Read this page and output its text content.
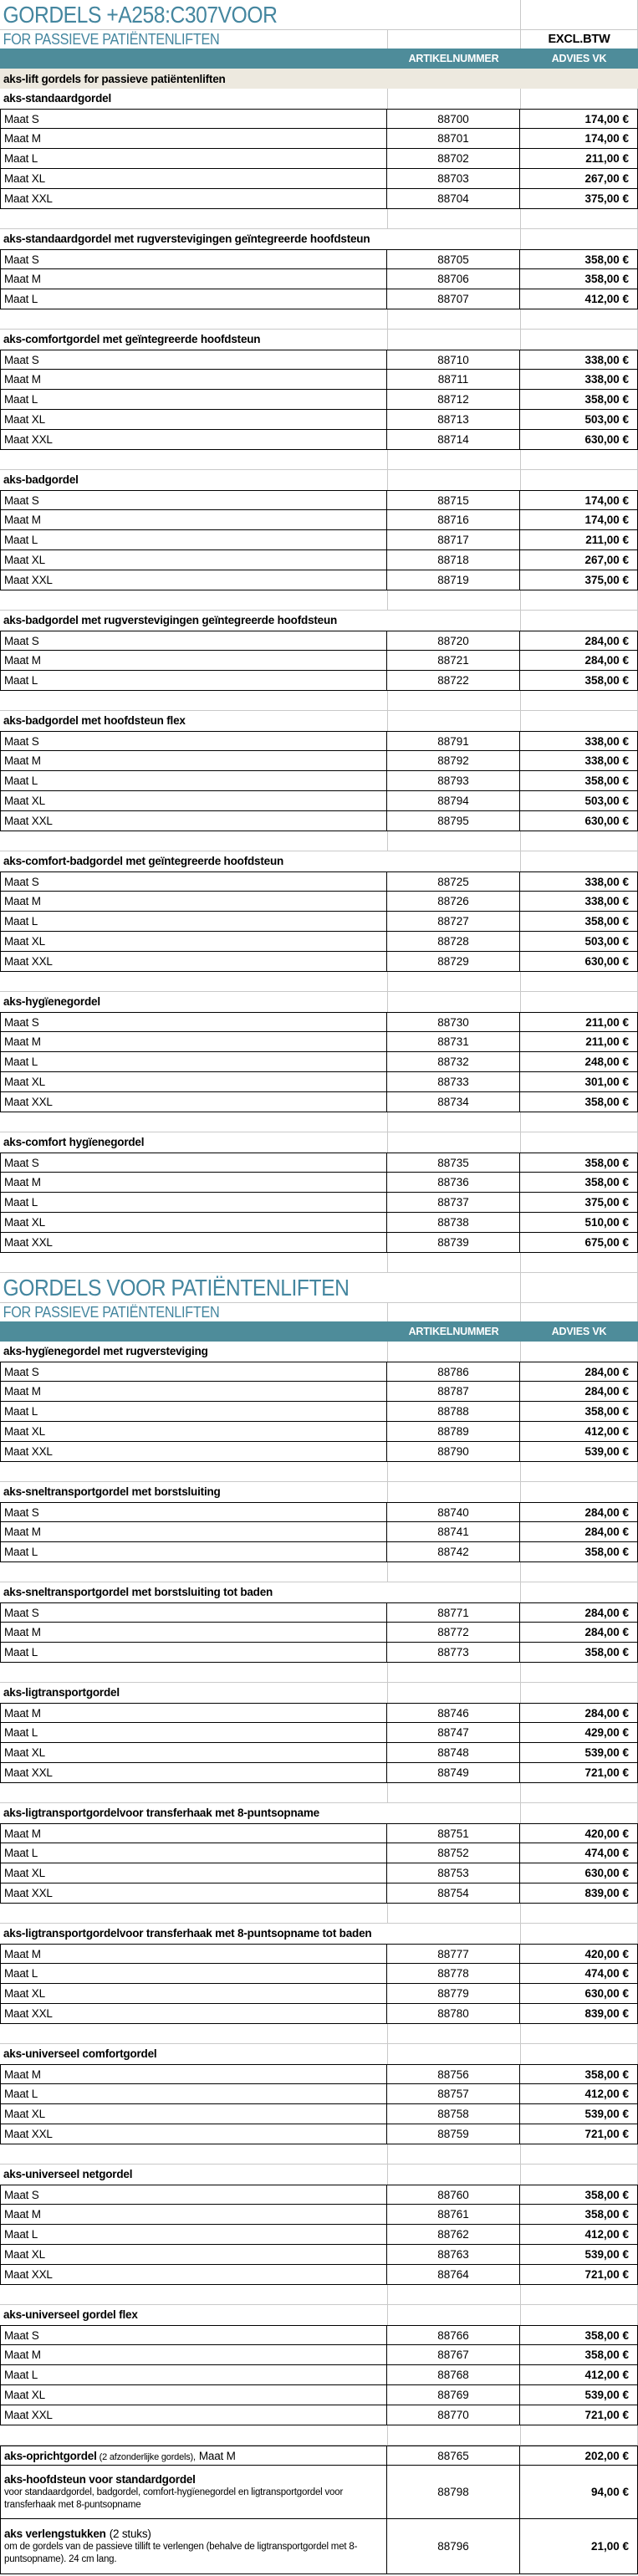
GORDELS +A258:C307VOOR		
FOR PASSIEVE PATIËNTENLIFTEN		EXCL.BTW
	ARTIKELNUMMER	ADVIES VK
aks-lift gordels for passieve patiëntenliften		
aks-standaardgordel		
Maat S	88700	174,00 €
Maat M	88701	174,00 €
Maat L	88702	211,00 €
Maat XL	88703	267,00 €
Maat XXL	88704	375,00 €

aks-standaardgordel met rugverstevigingen geïntegreerde hoofdsteun		
Maat S	88705	358,00 €
Maat M	88706	358,00 €
Maat L	88707	412,00 €

aks-comfortgordel met geïntegreerde hoofdsteun		
Maat S	88710	338,00 €
Maat M	88711	338,00 €
Maat L	88712	358,00 €
Maat XL	88713	503,00 €
Maat XXL	88714	630,00 €

aks-badgordel		
Maat S	88715	174,00 €
Maat M	88716	174,00 €
Maat L	88717	211,00 €
Maat XL	88718	267,00 €
Maat XXL	88719	375,00 €

aks-badgordel met rugverstevigingen geïntegreerde hoofdsteun		
Maat S	88720	284,00 €
Maat M	88721	284,00 €
Maat L	88722	358,00 €

aks-badgordel met hoofdsteun flex		
Maat S	88791	338,00 €
Maat M	88792	338,00 €
Maat L	88793	358,00 €
Maat XL	88794	503,00 €
Maat XXL	88795	630,00 €

aks-comfort-badgordel met geïntegreerde hoofdsteun		
Maat S	88725	338,00 €
Maat M	88726	338,00 €
Maat L	88727	358,00 €
Maat XL	88728	503,00 €
Maat XXL	88729	630,00 €

aks-hygïenegordel		
Maat S	88730	211,00 €
Maat M	88731	211,00 €
Maat L	88732	248,00 €
Maat XL	88733	301,00 €
Maat XXL	88734	358,00 €

aks-comfort hygïenegordel		
Maat S	88735	358,00 €
Maat M	88736	358,00 €
Maat L	88737	375,00 €
Maat XL	88738	510,00 €
Maat XXL	88739	675,00 €

GORDELS VOOR PATIËNTENLIFTEN		
FOR PASSIEVE PATIËNTENLIFTEN		
	ARTIKELNUMMER	ADVIES VK
aks-hygïenegordel met rugversteviging		
Maat S	88786	284,00 €
Maat M	88787	284,00 €
Maat L	88788	358,00 €
Maat XL	88789	412,00 €
Maat XXL	88790	539,00 €

aks-sneltransportgordel met borstsluiting		
Maat S	88740	284,00 €
Maat M	88741	284,00 €
Maat L	88742	358,00 €

aks-sneltransportgordel met borstsluiting tot baden		
Maat S	88771	284,00 €
Maat M	88772	284,00 €
Maat L	88773	358,00 €

aks-ligtransportgordel		
Maat M	88746	284,00 €
Maat L	88747	429,00 €
Maat XL	88748	539,00 €
Maat XXL	88749	721,00 €

aks-ligtransportgordelvoor transferhaak met 8-puntsopname		
Maat M	88751	420,00 €
Maat L	88752	474,00 €
Maat XL	88753	630,00 €
Maat XXL	88754	839,00 €

aks-ligtransportgordelvoor transferhaak met 8-puntsopname tot baden		
Maat M	88777	420,00 €
Maat L	88778	474,00 €
Maat XL	88779	630,00 €
Maat XXL	88780	839,00 €

aks-universeel comfortgordel		
Maat M	88756	358,00 €
Maat L	88757	412,00 €
Maat XL	88758	539,00 €
Maat XXL	88759	721,00 €

aks-universeel netgordel		
Maat S	88760	358,00 €
Maat M	88761	358,00 €
Maat L	88762	412,00 €
Maat XL	88763	539,00 €
Maat XXL	88764	721,00 €

aks-universeel gordel flex		
Maat S	88766	358,00 €
Maat M	88767	358,00 €
Maat L	88768	412,00 €
Maat XL	88769	539,00 €
Maat XXL	88770	721,00 €

aks-oprichtgordel (2 afzonderlijke gordels), Maat M	88765	202,00 €

aks-hoofdsteun voor standardgordel
voor standaardgordel, badgordel, comfort-hygïenegordel en ligtransportgordel voor transferhaak met 8-puntsopname	88798	94,00 €

aks verlengstukken (2 stuks)
om de gordels van de passieve tillift te verlengen (behalve de ligtransportgordel met 8-puntsopname). 24 cm lang.	88796	21,00 €
